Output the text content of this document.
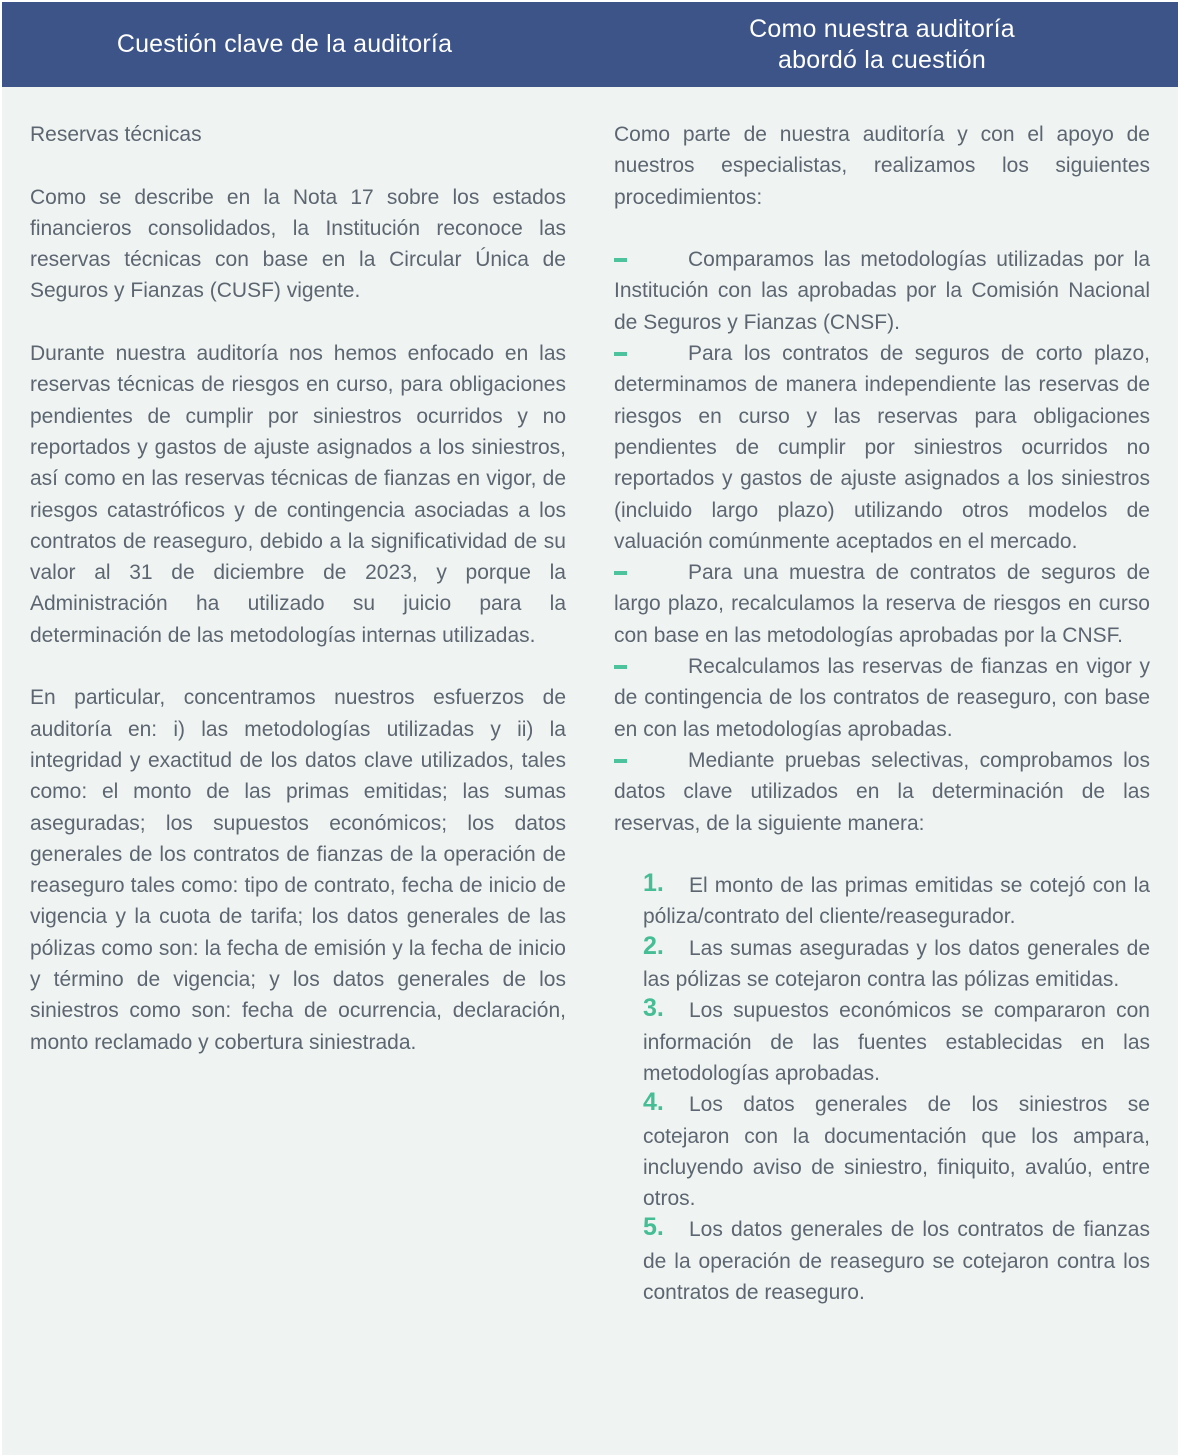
Cuestión clave de la auditoría
Como nuestra auditoría abordó la cuestión

Reservas técnicas

Como se describe en la Nota 17 sobre los estados financieros consolidados, la Institución reconoce las reservas técnicas con base en la Circular Única de Seguros y Fianzas (CUSF) vigente.

Durante nuestra auditoría nos hemos enfocado en las reservas técnicas de riesgos en curso, para obligaciones pendientes de cumplir por siniestros ocurridos y no reportados y gastos de ajuste asignados a los siniestros, así como en las reservas técnicas de fianzas en vigor, de riesgos catastróficos y de contingencia asociadas a los contratos de reaseguro, debido a la significatividad de su valor al 31 de diciembre de 2023, y porque la Administración ha utilizado su juicio para la determinación de las metodologías internas utilizadas.

En particular, concentramos nuestros esfuerzos de auditoría en: i) las metodologías utilizadas y ii) la integridad y exactitud de los datos clave utilizados, tales como: el monto de las primas emitidas; las sumas aseguradas; los supuestos económicos; los datos generales de los contratos de fianzas de la operación de reaseguro tales como: tipo de contrato, fecha de inicio de vigencia y la cuota de tarifa; los datos generales de las pólizas como son: la fecha de emisión y la fecha de inicio y término de vigencia; y los datos generales de los siniestros como son: fecha de ocurrencia, declaración, monto reclamado y cobertura siniestrada.

Como parte de nuestra auditoría y con el apoyo de nuestros especialistas, realizamos los siguientes procedimientos:

Comparamos las metodologías utilizadas por la Institución con las aprobadas por la Comisión Nacional de Seguros y Fianzas (CNSF).
Para los contratos de seguros de corto plazo, determinamos de manera independiente las reservas de riesgos en curso y las reservas para obligaciones pendientes de cumplir por siniestros ocurridos no reportados y gastos de ajuste asignados a los siniestros (incluido largo plazo) utilizando otros modelos de valuación comúnmente aceptados en el mercado.
Para una muestra de contratos de seguros de largo plazo, recalculamos la reserva de riesgos en curso con base en las metodologías aprobadas por la CNSF.
Recalculamos las reservas de fianzas en vigor y de contingencia de los contratos de reaseguro, con base en con las metodologías aprobadas.
Mediante pruebas selectivas, comprobamos los datos clave utilizados en la determinación de las reservas, de la siguiente manera:
1. El monto de las primas emitidas se cotejó con la póliza/contrato del cliente/reasegurador.
2. Las sumas aseguradas y los datos generales de las pólizas se cotejaron contra las pólizas emitidas.
3. Los supuestos económicos se compararon con información de las fuentes establecidas en las metodologías aprobadas.
4. Los datos generales de los siniestros se cotejaron con la documentación que los ampara, incluyendo aviso de siniestro, finiquito, avalúo, entre otros.
5. Los datos generales de los contratos de fianzas de la operación de reaseguro se cotejaron contra los contratos de reaseguro.
